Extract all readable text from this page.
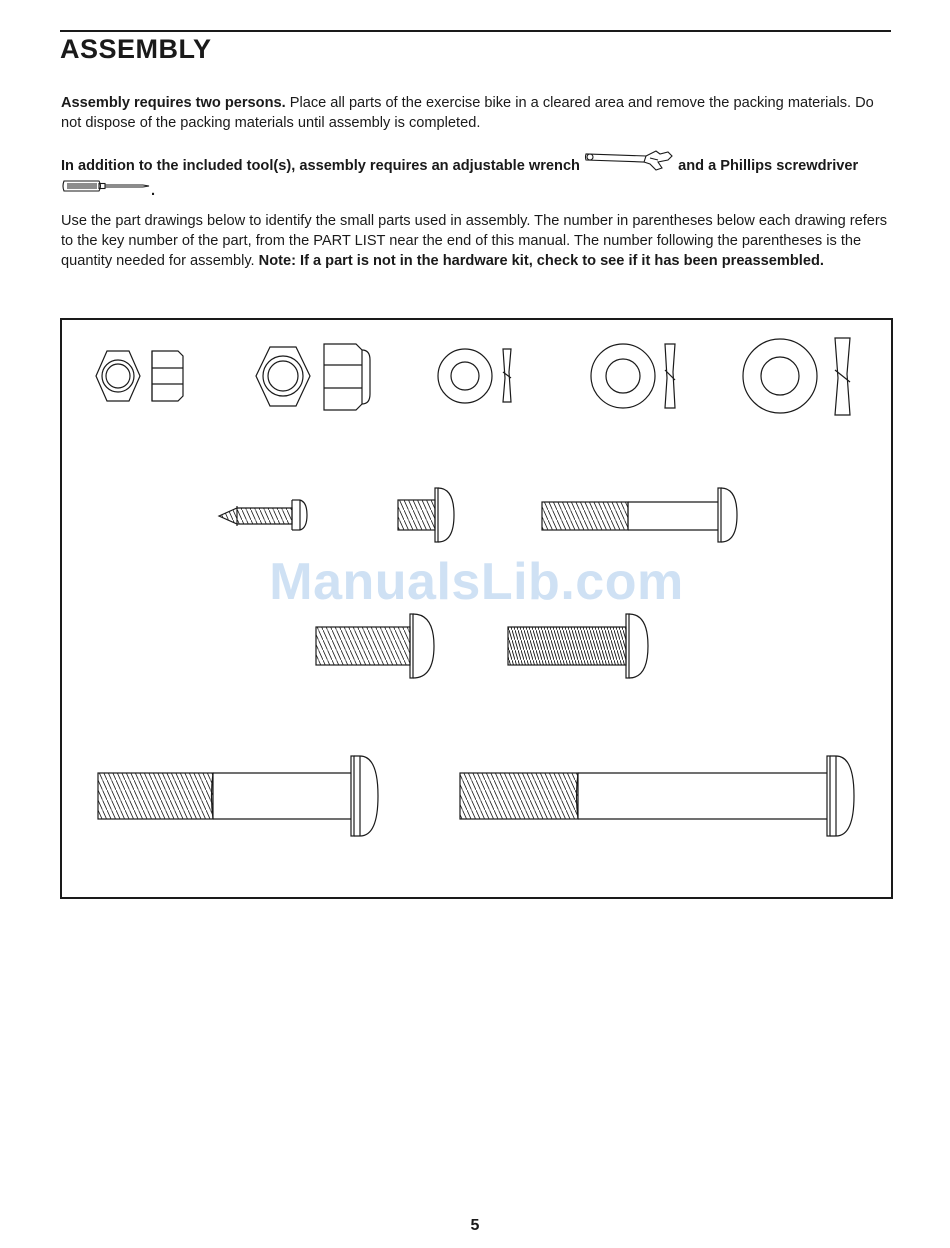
ASSEMBLY

Assembly requires two persons. Place all parts of the exercise bike in a cleared area and remove the packing materials. Do not dispose of the packing materials until assembly is completed.

In addition to the included tool(s), assembly requires an adjustable wrench	and a Phillips screwdriver .

Use the part drawings below to identify the small parts used in assembly. The number in parentheses below each drawing refers to the key number of the part, from the PART LIST near the end of this manual. The number following the parentheses is the quantity needed for assembly. Note: If a part is not in the hardware kit, check to see if it has been preassembled.

ManualsLib.com
5
